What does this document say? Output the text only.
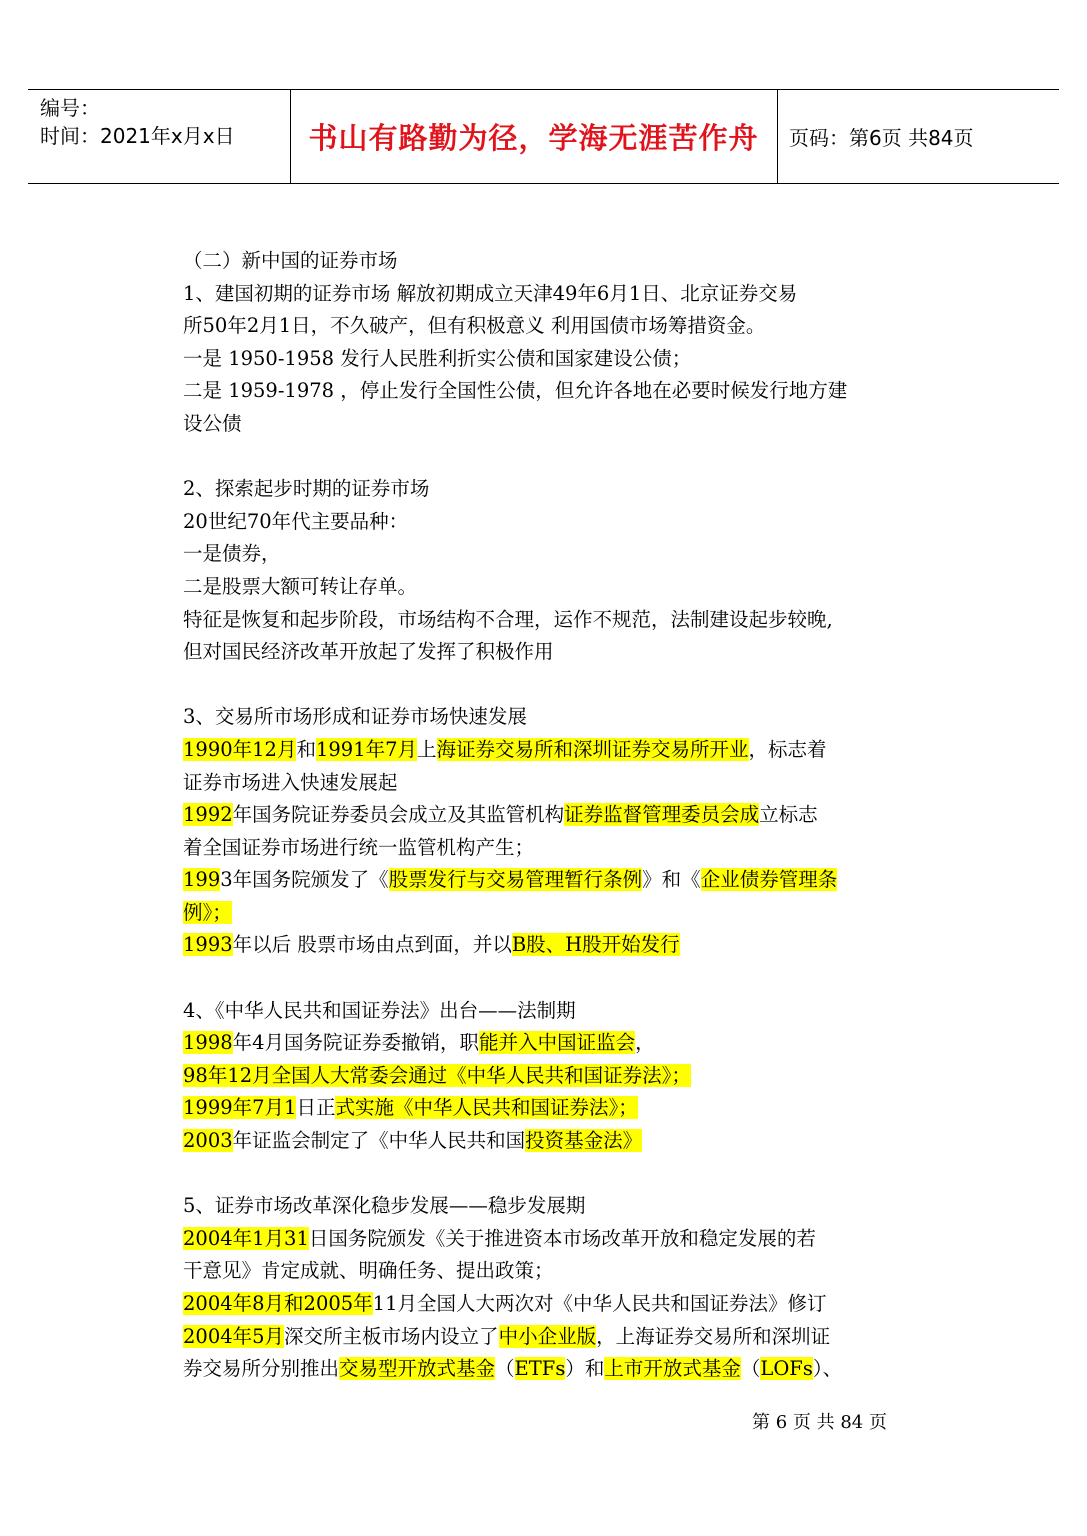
编号：
时间：2021年x月x日	书山有路勤为径，学海无涯苦作舟 页码：第6页 共84页
（二）新中国的证券市场
1、建国初期的证券市场 解放初期成立天津49年6月1日、北京证券交易
所50年2月1日，不久破产，但有积极意义 利用国债市场筹措资金。
一是 1950-1958 发行人民胜利折实公债和国家建设公债；
二是 1959-1978 ，停止发行全国性公债，但允许各地在必要时候发行地方建
设公债
2、探索起步时期的证券市场
20世纪70年代主要品种：
一是债券，
二是股票大额可转让存单。
特征是恢复和起步阶段，市场结构不合理，运作不规范，法制建设起步较晚,
但对国民经济改革开放起了发挥了积极作用
3、交易所市场形成和证券市场快速发展
1990年12月和1991年7月上海证券交易所和深圳证券交易所开业，标志着
证券市场进入快速发展起
1992年国务院证券委员会成立及其监管机构证券监督管理委员会成立标志
着全国证券市场进行统一监管机构产生；
1993年国务院颁发了《股票发行与交易管理暂行条例》和《企业债券管理条
例》；
1993年以后 股票市场由点到面，并以B股、H股开始发行
4、《中华人民共和国证券法》出台——法制期
1998年4月国务院证券委撤销，职能并入中国证监会，
98年12月全国人大常委会通过《中华人民共和国证券法》；
1999年7月1日正式实施《中华人民共和国证券法》；
2003年证监会制定了《中华人民共和国投资基金法》
5、证券市场改革深化稳步发展——稳步发展期
2004年1月31日国务院颁发《关于推进资本市场改革开放和稳定发展的若
干意见》肯定成就、明确任务、提出政策；
2004年8月和2005年11月全国人大两次对《中华人民共和国证券法》修订
2004年5月深交所主板市场内设立了中小企业版，上海证券交易所和深圳证
券交易所分别推出交易型开放式基金（ETFs）和上市开放式基金（LOFs）、
第 6 页 共 84 页
